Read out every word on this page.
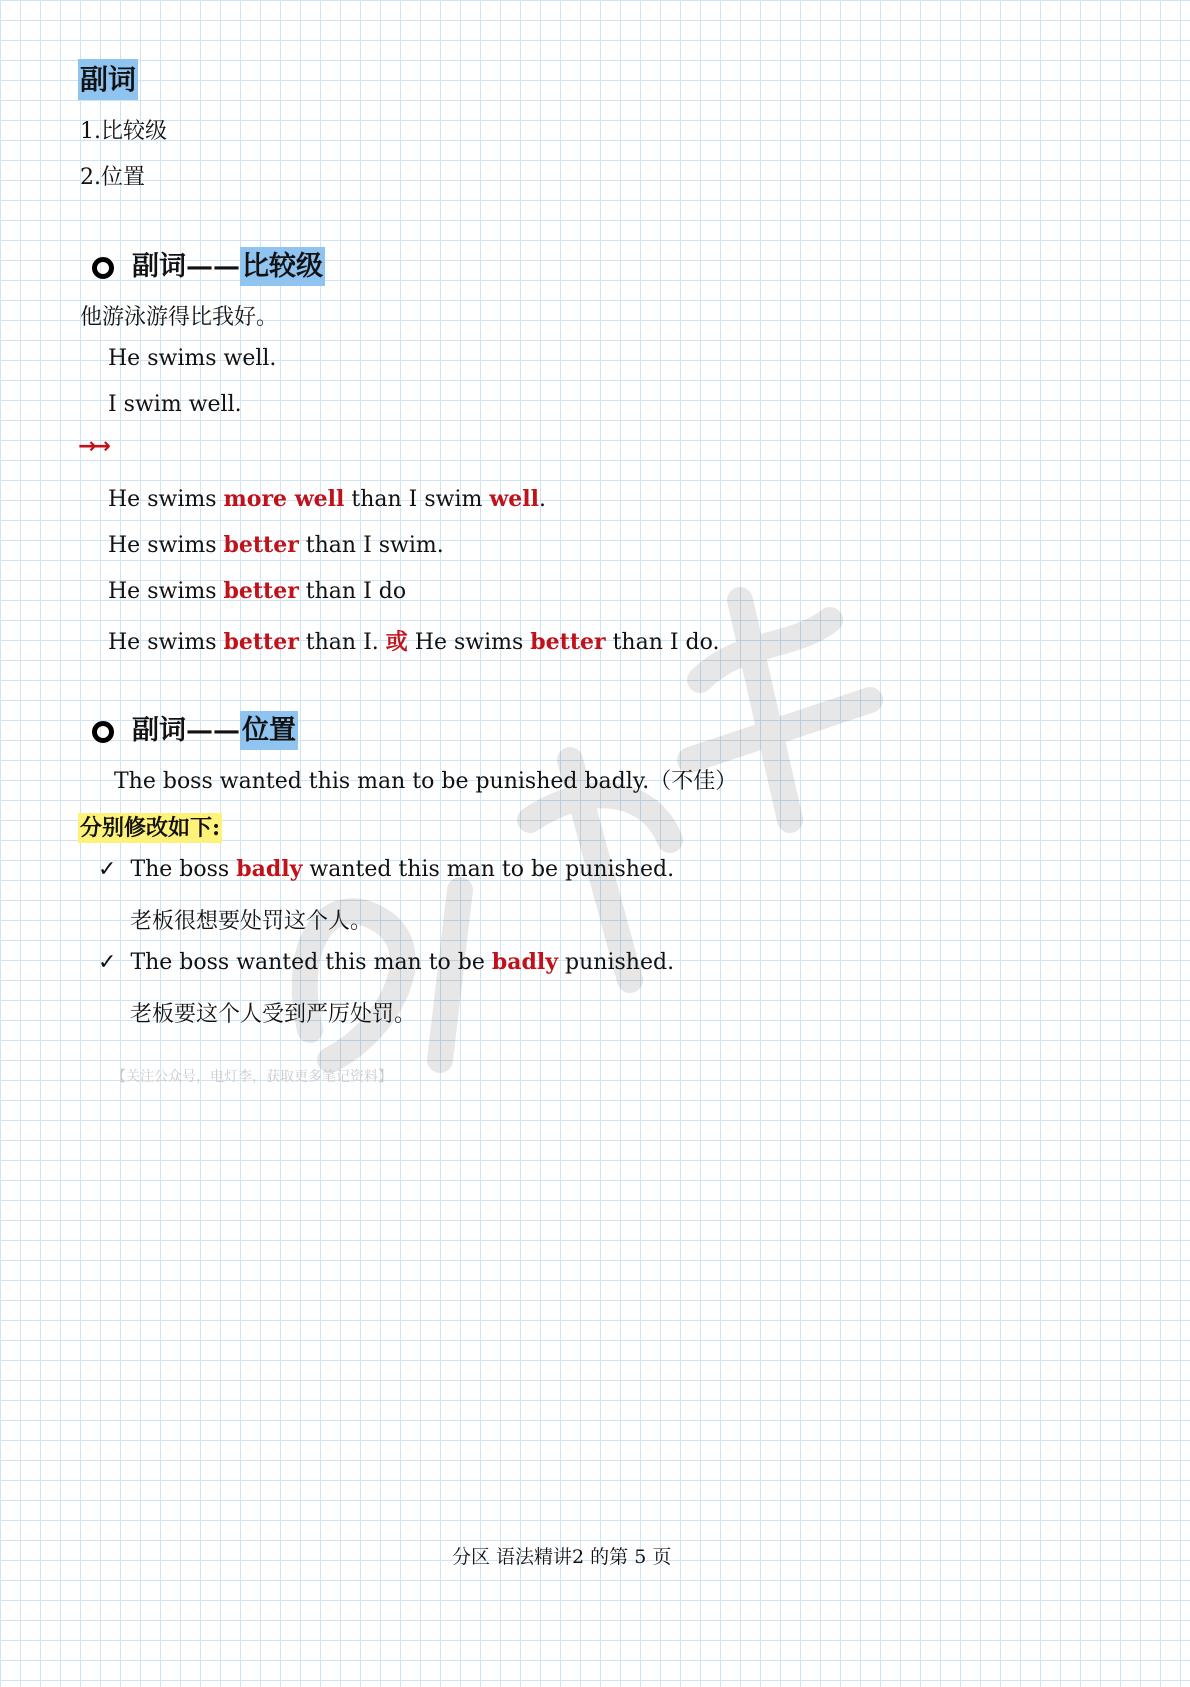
副词
1.比较级
2.位置
副词——比较级
他游泳游得比我好。
He swims well.
I swim well.
→→
He swims more well than I swim well.
He swims better than I swim.
He swims better than I do
He swims better than I. 或 He swims better than I do.
副词——位置
The boss wanted this man to be punished badly.（不佳）
分别修改如下:
✓ The boss badly wanted this man to be punished.
老板很想要处罚这个人。
✓ The boss wanted this man to be badly punished.
老板要这个人受到严厉处罚。
【关注公众号，电灯李，获取更多笔记资料】
分区 语法精讲2 的第 5 页
